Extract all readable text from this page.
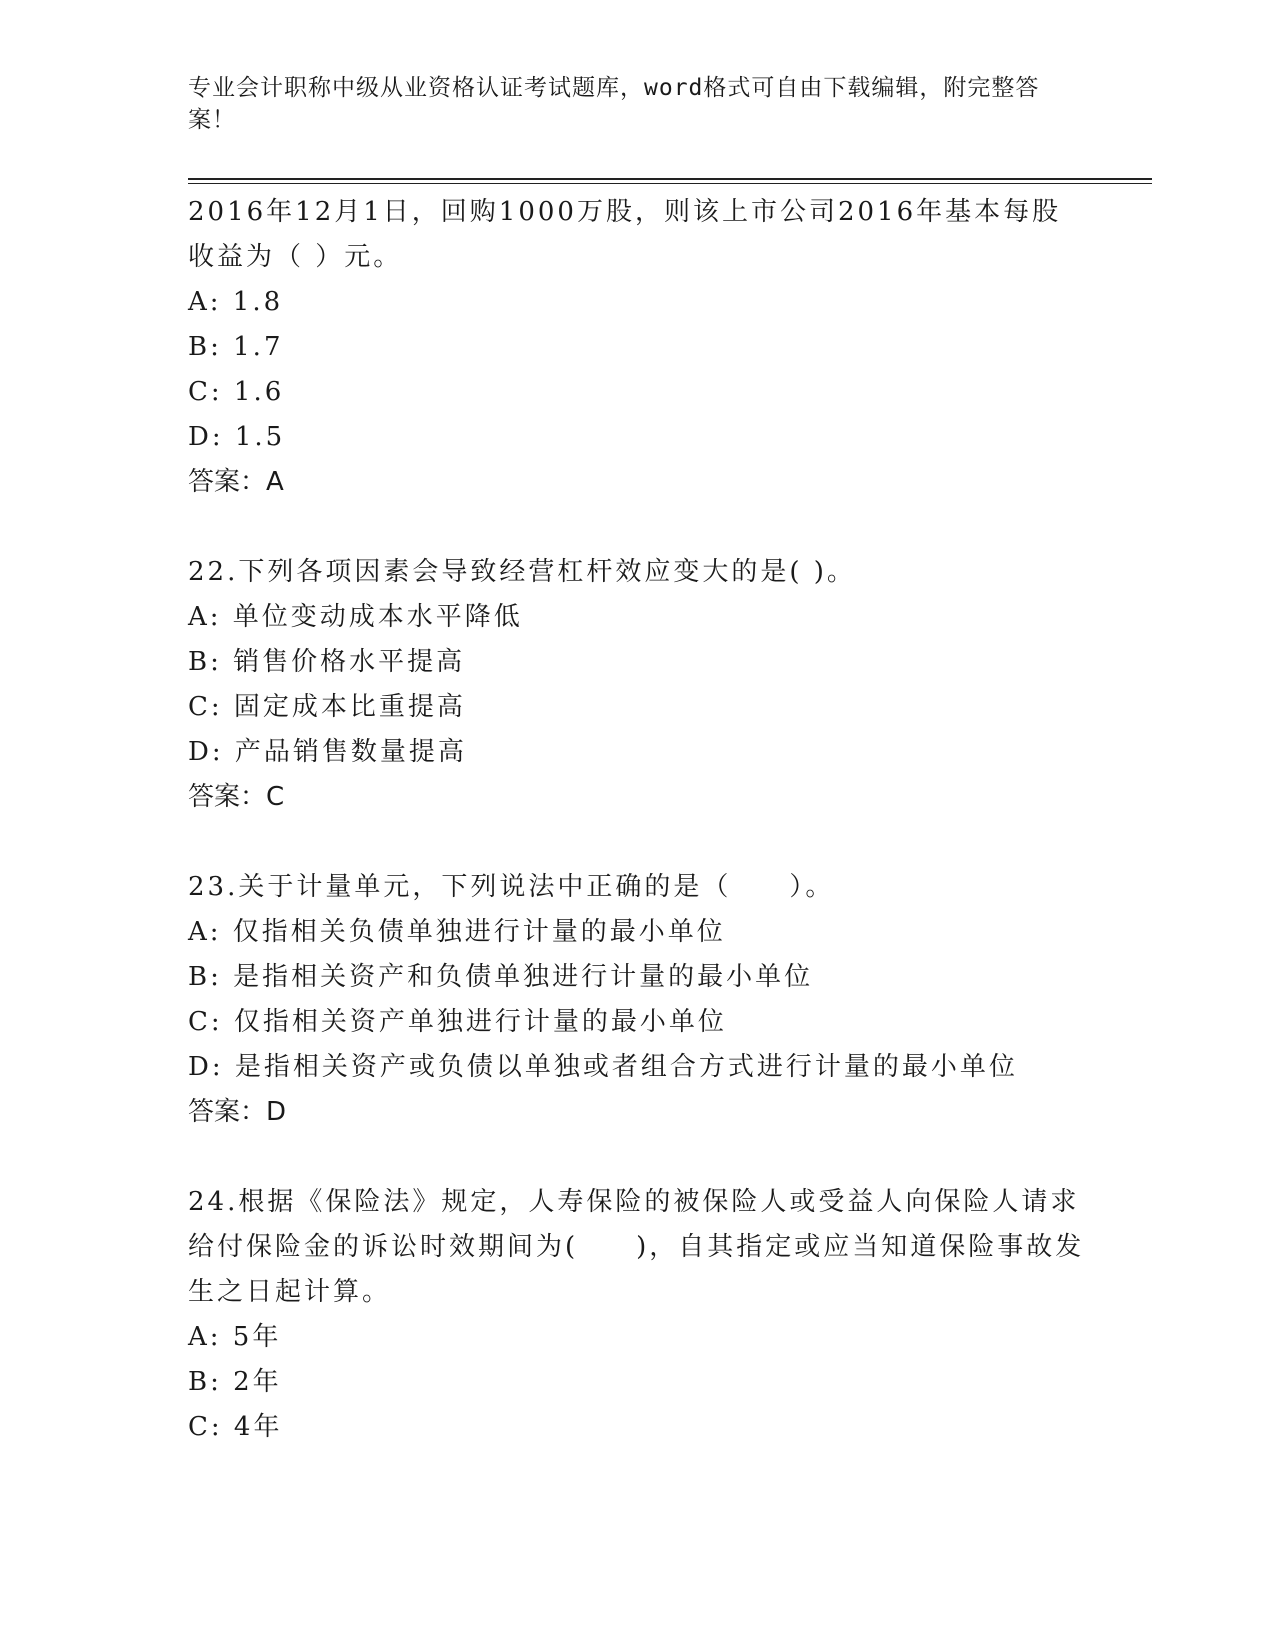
专业会计职称中级从业资格认证考试题库，word格式可自由下载编辑，附完整答案！

2016年12月1日，回购1000万股，则该上市公司2016年基本每股收益为（ ）元。

A: 1.8

B: 1.7

C: 1.6

D: 1.5

答案：A

22.下列各项因素会导致经营杠杆效应变大的是( )。

A: 单位变动成本水平降低

B: 销售价格水平提高

C: 固定成本比重提高

D: 产品销售数量提高

答案：C

23.关于计量单元，下列说法中正确的是（　　）。

A: 仅指相关负债单独进行计量的最小单位

B: 是指相关资产和负债单独进行计量的最小单位

C: 仅指相关资产单独进行计量的最小单位

D: 是指相关资产或负债以单独或者组合方式进行计量的最小单位

答案：D

24.根据《保险法》规定，人寿保险的被保险人或受益人向保险人请求给付保险金的诉讼时效期间为(　　)，自其指定或应当知道保险事故发生之日起计算。

A: 5年

B: 2年

C: 4年
